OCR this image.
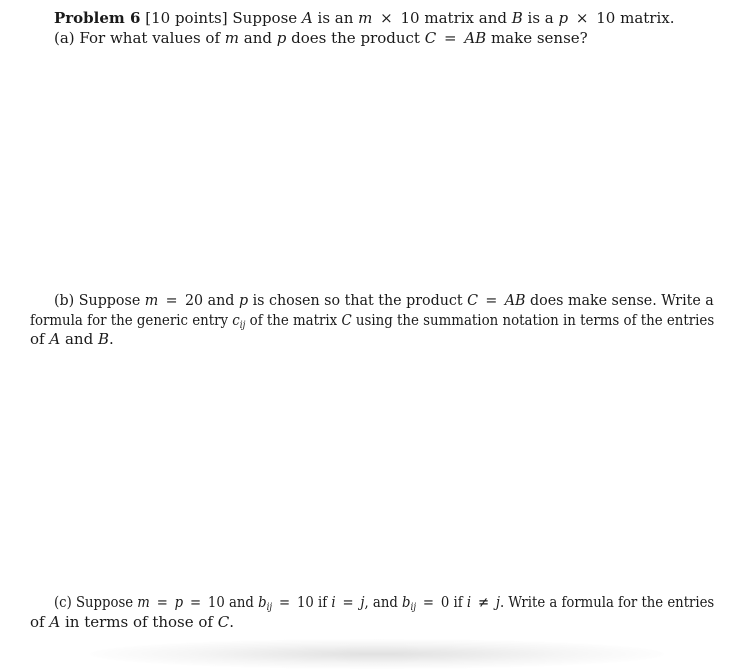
Problem 6 [10 points] Suppose A is an m × 10 matrix and B is a p × 10 matrix.
(a) For what values of m and p does the product C = AB make sense?
(b) Suppose m = 20 and p is chosen so that the product C = AB does make sense. Write a
formula for the generic entry $c_{ij}$ of the matrix C using the summation notation in terms of the entries
of A and B.
(c) Suppose m = p = 10 and $b_{ij} = 10$ if i = j, and $b_{ij} = 0$ if i ≠ j. Write a formula for the entries
of A in terms of those of C.
